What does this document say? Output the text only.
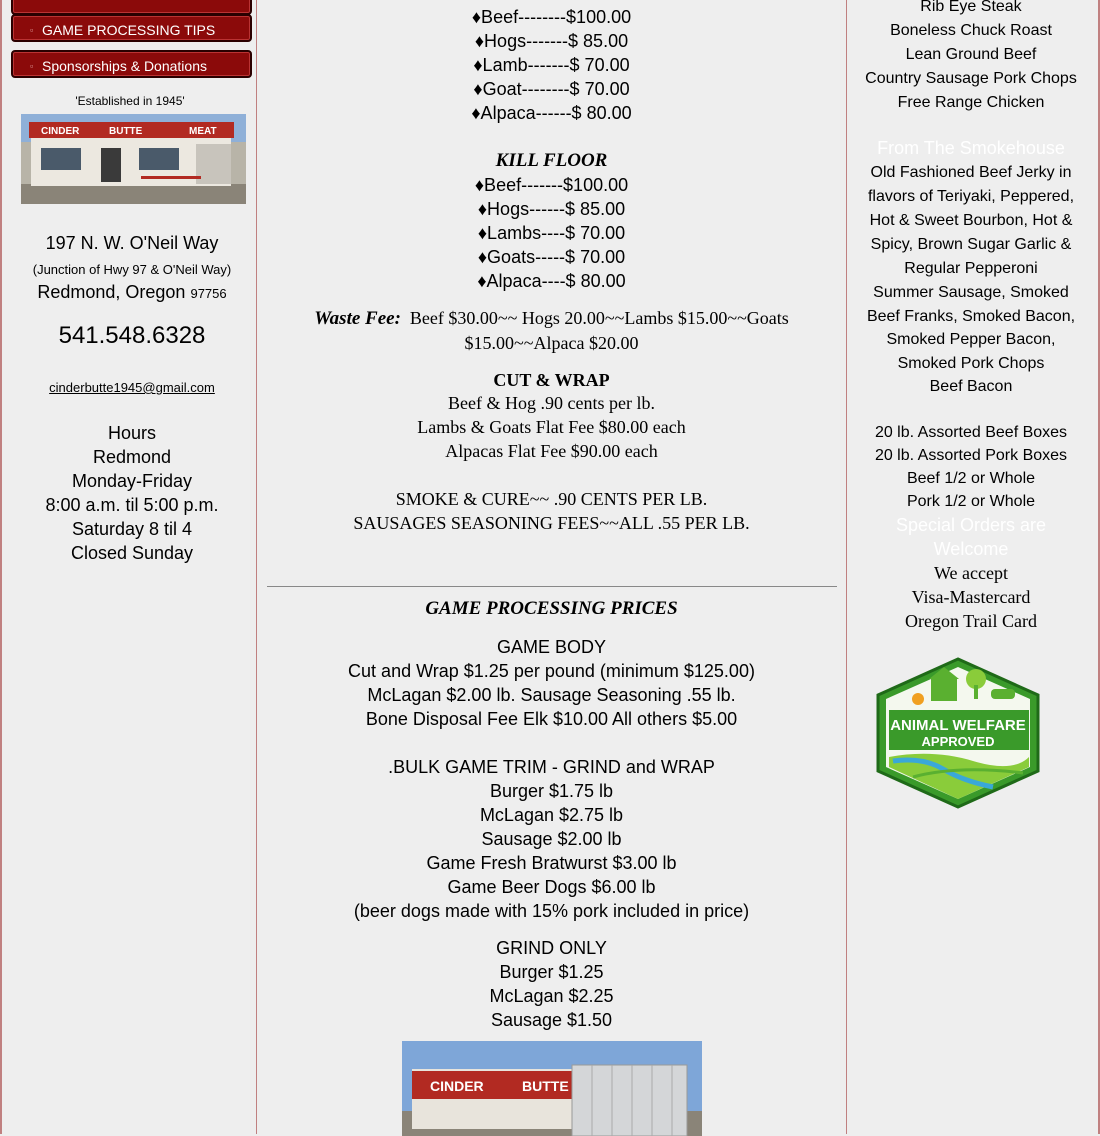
▫ GAME PROCESSING TIPS
▫ Sponsorships & Donations
'Established in 1945'
CINDER	BUTTE	MEAT
197 N. W. O'Neil Way
(Junction of Hwy 97 & O'Neil Way)
Redmond, Oregon 97756
541.548.6328
cinderbutte1945@gmail.com
Hours
Redmond
Monday-Friday
8:00 a.m. til 5:00 p.m.
Saturday 8 til 4
Closed Sunday
♦Beef--------$100.00
♦Hogs-------$ 85.00
♦Lamb-------$ 70.00
♦Goat--------$ 70.00
♦Alpaca------$ 80.00
KILL FLOOR
♦Beef-------$100.00
♦Hogs------$ 85.00
♦Lambs----$ 70.00
♦Goats-----$ 70.00
♦Alpaca----$ 80.00
Waste Fee: Beef $30.00~~ Hogs 20.00~~Lambs $15.00~~Goats $15.00~~Alpaca $20.00
CUT & WRAP
Beef & Hog .90 cents per lb.
Lambs & Goats Flat Fee $80.00 each
Alpacas Flat Fee $90.00 each
SMOKE & CURE~~ .90 CENTS PER LB.
SAUSAGES SEASONING FEES~~ALL .55 PER LB.
GAME PROCESSING PRICES
GAME BODY
Cut and Wrap $1.25 per pound (minimum $125.00)
McLagan $2.00 lb. Sausage Seasoning .55 lb.
Bone Disposal Fee Elk $10.00 All others $5.00
.BULK GAME TRIM - GRIND and WRAP
Burger $1.75 lb
McLagan $2.75 lb
Sausage $2.00 lb
Game Fresh Bratwurst $3.00 lb
Game Beer Dogs $6.00 lb
(beer dogs made with 15% pork included in price)
GRIND ONLY
Burger $1.25
McLagan $2.25
Sausage $1.50
CINDER	BUTTE
Rib Eye Steak
Boneless Chuck Roast
Lean Ground Beef
Country Sausage Pork Chops
Free Range Chicken
From The Smokehouse
Old Fashioned Beef Jerky in flavors of Teriyaki, Peppered, Hot & Sweet Bourbon, Hot & Spicy, Brown Sugar Garlic & Regular Pepperoni
Summer Sausage, Smoked Beef Franks, Smoked Bacon, Smoked Pepper Bacon, Smoked Pork Chops
Beef Bacon
20 lb. Assorted Beef Boxes
20 lb. Assorted Pork Boxes
Beef 1/2 or Whole
Pork 1/2 or Whole
Special Orders are Welcome
We accept
Visa-Mastercard
Oregon Trail Card
ANIMAL WELFARE
APPROVED
